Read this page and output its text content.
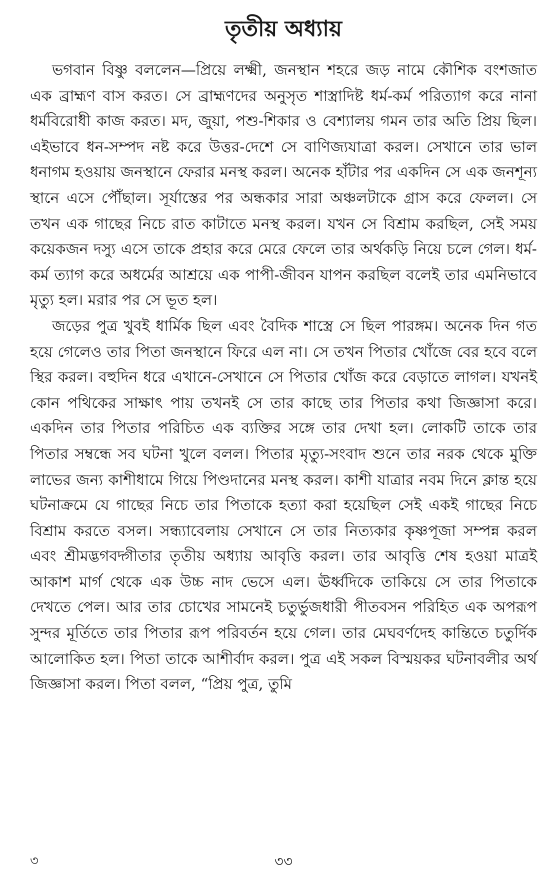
তৃতীয় অধ্যায়

ভগবান বিষ্ণু বললেন—প্রিয়ে লক্ষ্মী, জনস্থান শহরে জড় নামে কৌশিক বংশজাত এক ব্রাহ্মণ বাস করত। সে ব্রাহ্মণদের অনুসৃত শাস্ত্রাদিষ্ট ধর্ম-কর্ম পরিত্যাগ করে নানা ধর্মবিরোধী কাজ করত। মদ, জুয়া, পশু-শিকার ও বেশ্যালয় গমন তার অতি প্রিয় ছিল। এইভাবে ধন-সম্পদ নষ্ট করে উত্তর-দেশে সে বাণিজ্যযাত্রা করল। সেখানে তার ভাল ধনাগম হওয়ায় জনস্থানে ফেরার মনস্থ করল। অনেক হাঁটার পর একদিন সে এক জনশূন্য স্থানে এসে পৌঁছাল। সূর্যাস্তের পর অন্ধকার সারা অঞ্চলটাকে গ্রাস করে ফেলল। সে তখন এক গাছের নিচে রাত কাটাতে মনস্থ করল। যখন সে বিশ্রাম করছিল, সেই সময় কয়েকজন দস্যু এসে তাকে প্রহার করে মেরে ফেলে তার অর্থকড়ি নিয়ে চলে গেল। ধর্ম-কর্ম ত্যাগ করে অধর্মের আশ্রয়ে এক পাপী-জীবন যাপন করছিল বলেই তার এমনিভাবে মৃত্যু হল। মরার পর সে ভূত হল।

জড়ের পুত্র খুবই ধার্মিক ছিল এবং বৈদিক শাস্ত্রে সে ছিল পারঙ্গম। অনেক দিন গত হয়ে গেলেও তার পিতা জনস্থানে ফিরে এল না। সে তখন পিতার খোঁজে বের হবে বলে স্থির করল। বহুদিন ধরে এখানে-সেখানে সে পিতার খোঁজ করে বেড়াতে লাগল। যখনই কোন পথিকের সাক্ষাৎ পায় তখনই সে তার কাছে তার পিতার কথা জিজ্ঞাসা করে। একদিন তার পিতার পরিচিত এক ব্যক্তির সঙ্গে তার দেখা হল। লোকটি তাকে তার পিতার সম্বন্ধে সব ঘটনা খুলে বলল। পিতার মৃত্যু-সংবাদ শুনে তার নরক থেকে মুক্তি লাভের জন্য কাশীধামে গিয়ে পিণ্ডদানের মনস্থ করল। কাশী যাত্রার নবম দিনে ক্লান্ত হয়ে ঘটনাক্রমে যে গাছের নিচে তার পিতাকে হত্যা করা হয়েছিল সেই একই গাছের নিচে বিশ্রাম করতে বসল। সন্ধ্যাবেলায় সেখানে সে তার নিত্যকার কৃষ্ণপূজা সম্পন্ন করল এবং শ্রীমদ্ভগবদ্গীতার তৃতীয় অধ্যায় আবৃত্তি করল। তার আবৃত্তি শেষ হওয়া মাত্রই আকাশ মার্গ থেকে এক উচ্চ নাদ ভেসে এল। ঊর্ধ্বদিকে তাকিয়ে সে তার পিতাকে দেখতে পেল। আর তার চোখের সামনেই চতুর্ভুজধারী পীতবসন পরিহিত এক অপরূপ সুন্দর মূর্তিতে তার পিতার রূপ পরিবর্তন হয়ে গেল। তার মেঘবর্ণদেহ কান্তিতে চতুর্দিক আলোকিত হল। পিতা তাকে আশীর্বাদ করল। পুত্র এই সকল বিস্ময়কর ঘটনাবলীর অর্থ জিজ্ঞাসা করল। পিতা বলল, “প্রিয় পুত্র, তুমি

৩	৩৩
